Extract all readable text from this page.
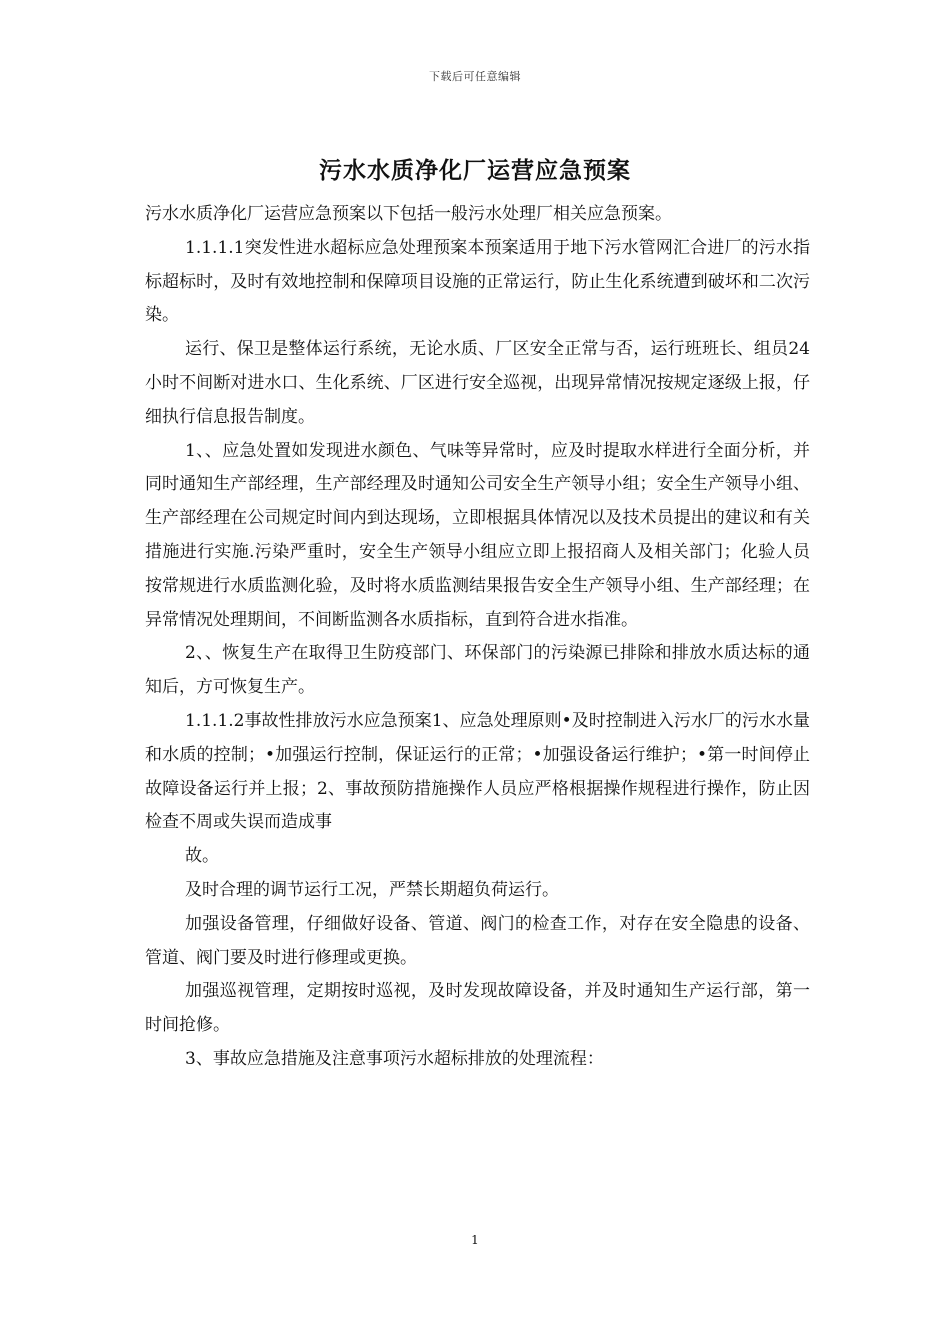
下载后可任意编辑
污水水质净化厂运营应急预案

污水水质净化厂运营应急预案以下包括一般污水处理厂相关应急预案。

1.1.1.1突发性进水超标应急处理预案本预案适用于地下污水管网汇合进厂的污水指标超标时，及时有效地控制和保障项目设施的正常运行，防止生化系统遭到破坏和二次污染。

运行、保卫是整体运行系统，无论水质、厂区安全正常与否，运行班班长、组员24小时不间断对进水口、生化系统、厂区进行安全巡视，出现异常情况按规定逐级上报，仔细执行信息报告制度。

1、、应急处置如发现进水颜色、气味等异常时，应及时提取水样进行全面分析，并同时通知生产部经理，生产部经理及时通知公司安全生产领导小组；安全生产领导小组、生产部经理在公司规定时间内到达现场，立即根据具体情况以及技术员提出的建议和有关措施进行实施.污染严重时，安全生产领导小组应立即上报招商人及相关部门；化验人员按常规进行水质监测化验，及时将水质监测结果报告安全生产领导小组、生产部经理；在异常情况处理期间，不间断监测各水质指标，直到符合进水指准。

2、、恢复生产在取得卫生防疫部门、环保部门的污染源已排除和排放水质达标的通知后，方可恢复生产。

1.1.1.2事故性排放污水应急预案1、应急处理原则•及时控制进入污水厂的污水水量和水质的控制；•加强运行控制，保证运行的正常；•加强设备运行维护；•第一时间停止故障设备运行并上报；2、事故预防措施操作人员应严格根据操作规程进行操作，防止因检查不周或失误而造成事

故。

及时合理的调节运行工况，严禁长期超负荷运行。

加强设备管理，仔细做好设备、管道、阀门的检查工作，对存在安全隐患的设备、管道、阀门要及时进行修理或更换。

加强巡视管理，定期按时巡视，及时发现故障设备，并及时通知生产运行部，第一时间抢修。

3、事故应急措施及注意事项污水超标排放的处理流程：

1
